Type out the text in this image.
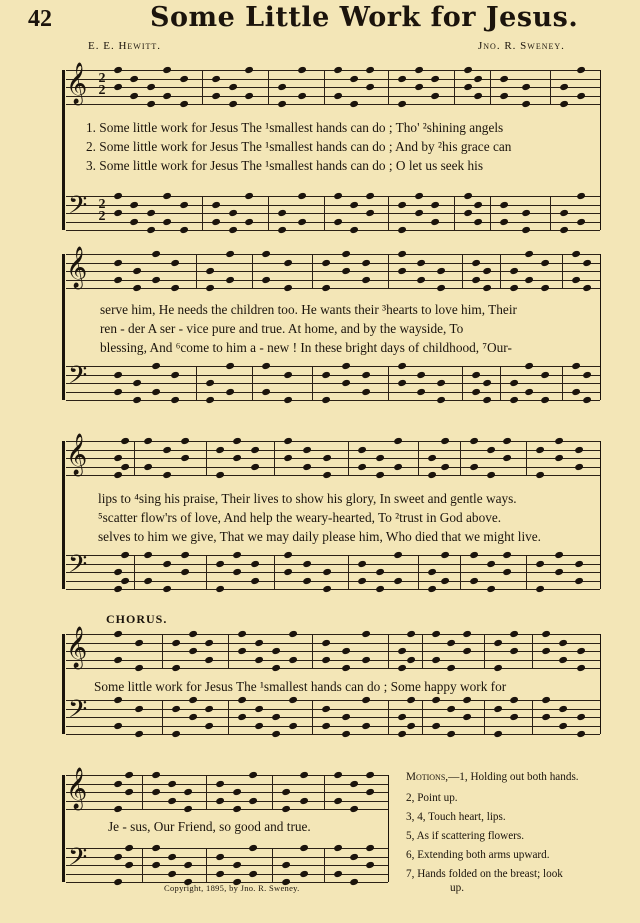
42	Some Little Work for Jesus.
E. E. Hewitt.	Jno. R. Sweney.
𝄞 2
2
𝄢 2
2
𝄞
𝄢
𝄞
𝄢
𝄞
𝄢
𝄞
𝄢
1. Some little work for Jesus The ¹smallest hands can do ; Tho' ²shining angels
2. Some little work for Jesus The ¹smallest hands can do ; And by ²his grace can
3. Some little work for Jesus The ¹smallest hands can do ; O let us seek his
serve him, He needs the children too. He wants their ³hearts to love him, Their
ren - der A ser - vice pure and true. At home, and by the wayside, To
blessing, And ⁶come to him a - new ! In these bright days of childhood, ⁷Our-
lips to ⁴sing his praise, Their lives to show his glory, In sweet and gentle ways.
⁵scatter flow'rs of love, And help the weary-hearted, To ²trust in God above.
selves to him we give, That we may daily please him, Who died that we might live.
CHORUS.
Some little work for Jesus The ¹smallest hands can do ; Some happy work for
Je - sus, Our Friend, so good and true.
Motions,—1, Holding out both hands.
2, Point up.
3, 4, Touch heart, lips.
5, As if scattering flowers.
6, Extending both arms upward.
7, Hands folded on the breast; look
up.
Copyright, 1895, by Jno. R. Sweney.
